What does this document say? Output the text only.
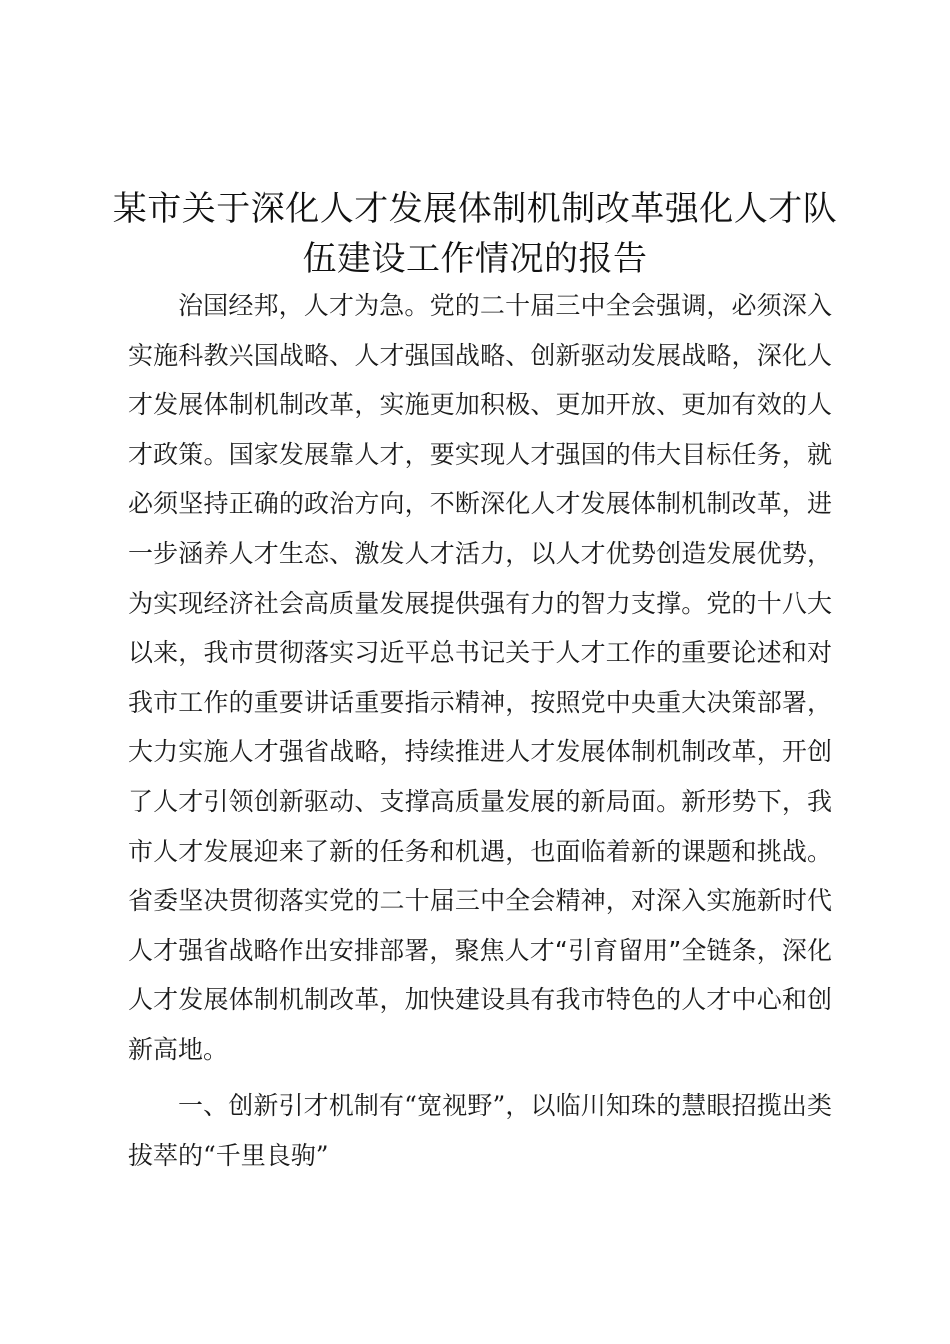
某市关于深化人才发展体制机制改革强化人才队伍建设工作情况的报告

治国经邦，人才为急。党的二十届三中全会强调，必须深入实施科教兴国战略、人才强国战略、创新驱动发展战略，深化人才发展体制机制改革，实施更加积极、更加开放、更加有效的人才政策。国家发展靠人才，要实现人才强国的伟大目标任务，就必须坚持正确的政治方向，不断深化人才发展体制机制改革，进一步涵养人才生态、激发人才活力，以人才优势创造发展优势，为实现经济社会高质量发展提供强有力的智力支撑。党的十八大以来，我市贯彻落实习近平总书记关于人才工作的重要论述和对我市工作的重要讲话重要指示精神，按照党中央重大决策部署，大力实施人才强省战略，持续推进人才发展体制机制改革，开创了人才引领创新驱动、支撑高质量发展的新局面。新形势下，我市人才发展迎来了新的任务和机遇，也面临着新的课题和挑战。省委坚决贯彻落实党的二十届三中全会精神，对深入实施新时代人才强省战略作出安排部署，聚焦人才“引育留用”全链条，深化人才发展体制机制改革，加快建设具有我市特色的人才中心和创新高地。

一、创新引才机制有“宽视野”，以临川知珠的慧眼招揽出类拔萃的“千里良驹”
